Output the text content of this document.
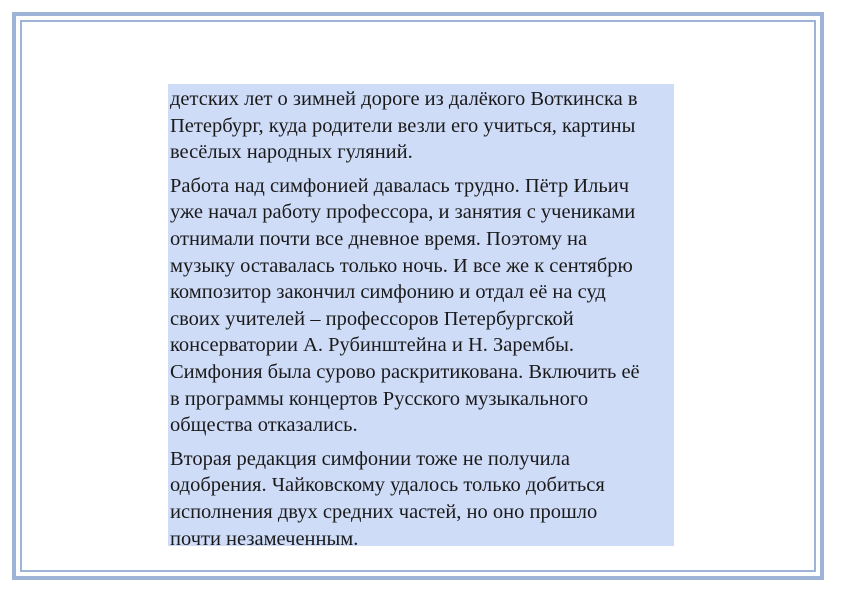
детских лет о зимней дороге из далёкого Воткинска в
Петербург, куда родители везли его учиться, картины
весёлых народных гуляний.

Работа над симфонией давалась трудно. Пётр Ильич
уже начал работу профессора, и занятия с учениками
отнимали почти все дневное время. Поэтому на
музыку оставалась только ночь. И все же к сентябрю
композитор закончил симфонию и отдал её на суд
своих учителей – профессоров Петербургской
консерватории А. Рубинштейна и Н. Зарембы.
Симфония была сурово раскритикована. Включить её
в программы концертов Русского музыкального
общества отказались.

Вторая редакция симфонии тоже не получила
одобрения. Чайковскому удалось только добиться
исполнения двух средних частей, но оно прошло
почти незамеченным.
